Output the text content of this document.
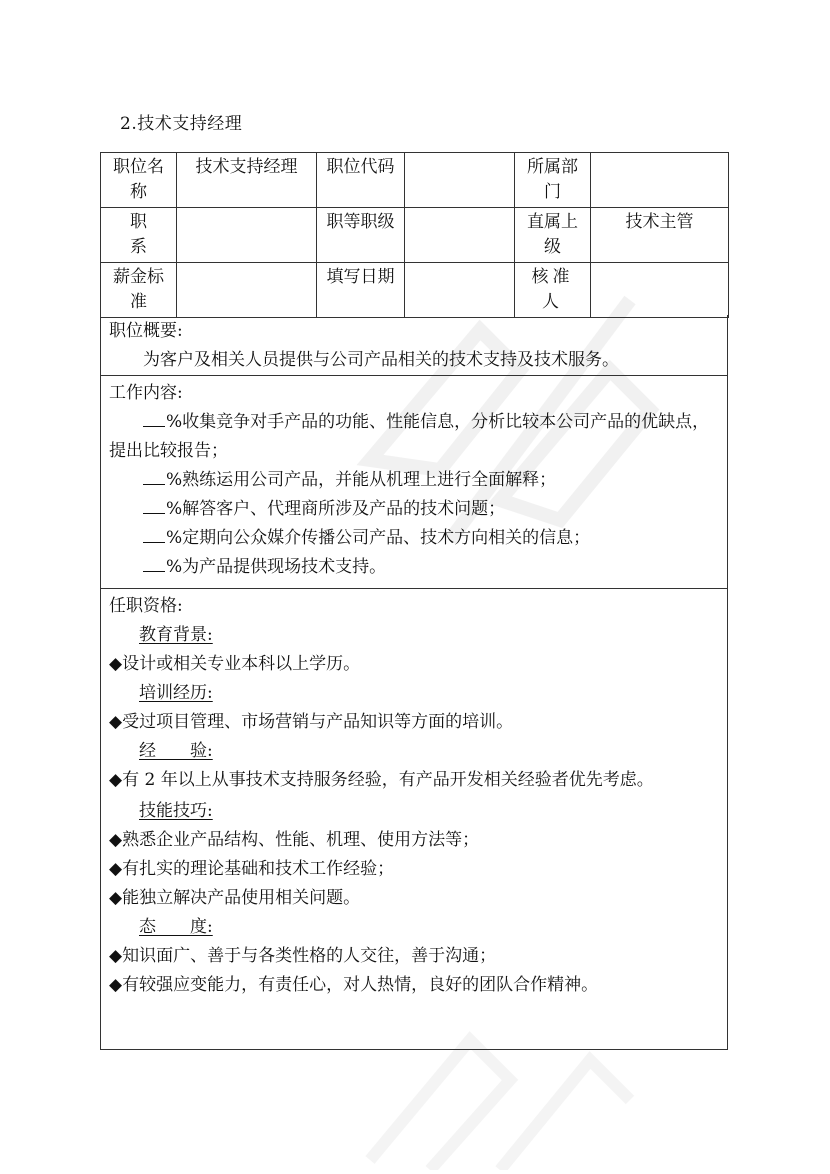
2.技术支持经理
职位名称	技术支持经理	职位代码		所属部门	
职系		职等职级		直属上级	技术主管
薪金标准		填写日期		核准人	
职位概要:
为客户及相关人员提供与公司产品相关的技术支持及技术服务。
工作内容:
%收集竞争对手产品的功能、性能信息，分析比较本公司产品的优缺点，提出比较报告；
%熟练运用公司产品，并能从机理上进行全面解释；
%解答客户、代理商所涉及产品的技术问题；
%定期向公众媒介传播公司产品、技术方向相关的信息；
%为产品提供现场技术支持。
任职资格:
教育背景:
◆设计或相关专业本科以上学历。
培训经历:
◆受过项目管理、市场营销与产品知识等方面的培训。
经　　验:
◆有 2 年以上从事技术支持服务经验，有产品开发相关经验者优先考虑。
技能技巧:
◆熟悉企业产品结构、性能、机理、使用方法等；
◆有扎实的理论基础和技术工作经验；
◆能独立解决产品使用相关问题。
态　　度:
◆知识面广、善于与各类性格的人交往，善于沟通；
◆有较强应变能力，有责任心，对人热情，良好的团队合作精神。
